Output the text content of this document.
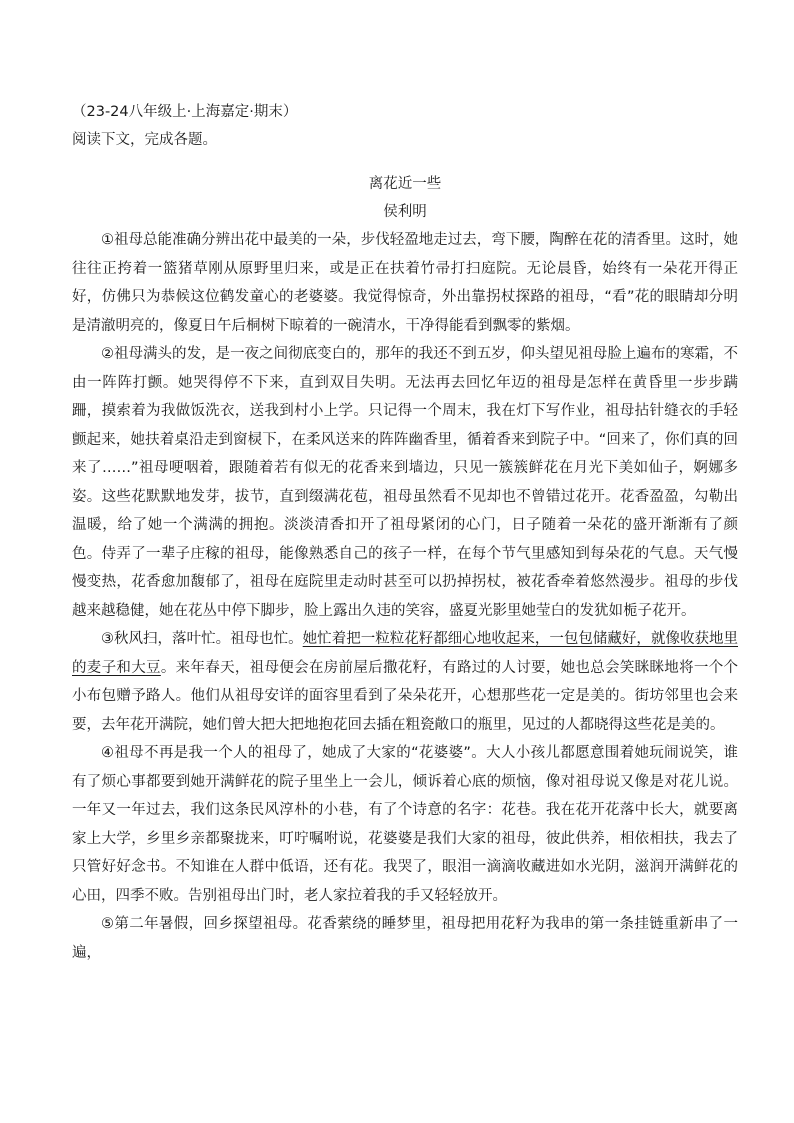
（23-24八年级上·上海嘉定·期末）
阅读下文，完成各题。
离花近一些
侯利明

①祖母总能准确分辨出花中最美的一朵，步伐轻盈地走过去，弯下腰，陶醉在花的清香里。这时，她往往正挎着一篮猪草刚从原野里归来，或是正在扶着竹帚打扫庭院。无论晨昏，始终有一朵花开得正好，仿佛只为恭候这位鹤发童心的老婆婆。我觉得惊奇，外出靠拐杖探路的祖母，“看”花的眼睛却分明是清澈明亮的，像夏日午后桐树下晾着的一碗清水，干净得能看到飘零的紫烟。

②祖母满头的发，是一夜之间彻底变白的，那年的我还不到五岁，仰头望见祖母脸上遍布的寒霜，不由一阵阵打颤。她哭得停不下来，直到双目失明。无法再去回忆年迈的祖母是怎样在黄昏里一步步蹒跚，摸索着为我做饭洗衣，送我到村小上学。只记得一个周末，我在灯下写作业，祖母拈针缝衣的手轻颤起来，她扶着桌沿走到窗棂下，在柔风送来的阵阵幽香里，循着香来到院子中。“回来了，你们真的回来了……”祖母哽咽着，跟随着若有似无的花香来到墙边，只见一簇簇鲜花在月光下美如仙子，婀娜多姿。这些花默默地发芽，拔节，直到缀满花苞，祖母虽然看不见却也不曾错过花开。花香盈盈，勾勒出温暖，给了她一个满满的拥抱。淡淡清香扣开了祖母紧闭的心门，日子随着一朵花的盛开渐渐有了颜色。侍弄了一辈子庄稼的祖母，能像熟悉自己的孩子一样，在每个节气里感知到每朵花的气息。天气慢慢变热，花香愈加馥郁了，祖母在庭院里走动时甚至可以扔掉拐杖，被花香牵着悠然漫步。祖母的步伐越来越稳健，她在花丛中停下脚步，脸上露出久违的笑容，盛夏光影里她莹白的发犹如栀子花开。

③秋风扫，落叶忙。祖母也忙。她忙着把一粒粒花籽都细心地收起来，一包包储藏好，就像收获地里的麦子和大豆。来年春天，祖母便会在房前屋后撒花籽，有路过的人讨要，她也总会笑眯眯地将一个个小布包赠予路人。他们从祖母安详的面容里看到了朵朵花开，心想那些花一定是美的。街坊邻里也会来要，去年花开满院，她们曾大把大把地抱花回去插在粗瓷敞口的瓶里，见过的人都晓得这些花是美的。

④祖母不再是我一个人的祖母了，她成了大家的“花婆婆”。大人小孩儿都愿意围着她玩闹说笑，谁有了烦心事都要到她开满鲜花的院子里坐上一会儿，倾诉着心底的烦恼，像对祖母说又像是对花儿说。一年又一年过去，我们这条民风淳朴的小巷，有了个诗意的名字：花巷。我在花开花落中长大，就要离家上大学，乡里乡亲都聚拢来，叮咛嘱咐说，花婆婆是我们大家的祖母，彼此供养，相依相扶，我去了只管好好念书。不知谁在人群中低语，还有花。我哭了，眼泪一滴滴收藏进如水光阴，滋润开满鲜花的心田，四季不败。告别祖母出门时，老人家拉着我的手又轻轻放开。

⑤第二年暑假，回乡探望祖母。花香萦绕的睡梦里，祖母把用花籽为我串的第一条挂链重新串了一遍，
